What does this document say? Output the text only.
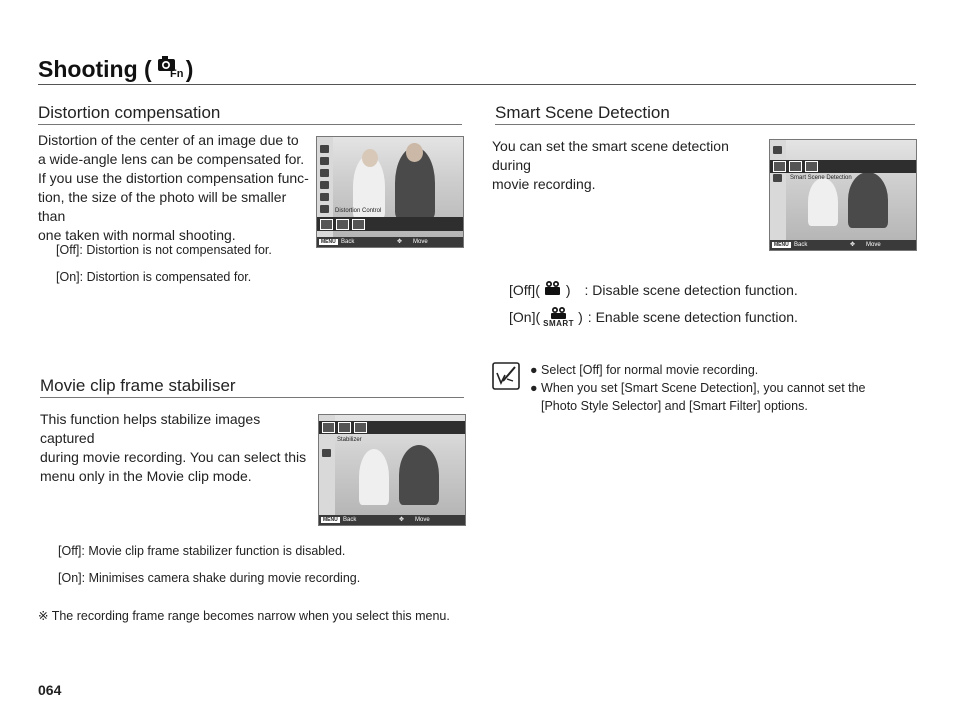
Shooting ( Fn )
Distortion compensation
Distortion of the center of an image due to
a wide-angle lens can be compensated for.
If you use the distortion compensation func-
tion, the size of the photo will be smaller than
one taken with normal shooting.
[Off]: Distortion is not compensated for.
[On]: Distortion is compensated for.
Distortion Control
MENU Back	✥ Move
Smart Scene Detection
You can set the smart scene detection during
movie recording.	Smart Scene Detection
MENU Back	✥ Move
[Off]( ) : Disable scene detection function.
[On]( SMART ) : Enable scene detection function.
● Select [Off] for normal movie recording.
● When you set [Smart Scene Detection], you cannot set the
[Photo Style Selector] and [Smart Filter] options.
Movie clip frame stabiliser
This function helps stabilize images captured
during movie recording. You can select this
menu only in the Movie clip mode.
Stabilizer
MENU Back	✥ Move
[Off]: Movie clip frame stabilizer function is disabled.
[On]: Minimises camera shake during movie recording.
※ The recording frame range becomes narrow when you select this menu.
064
